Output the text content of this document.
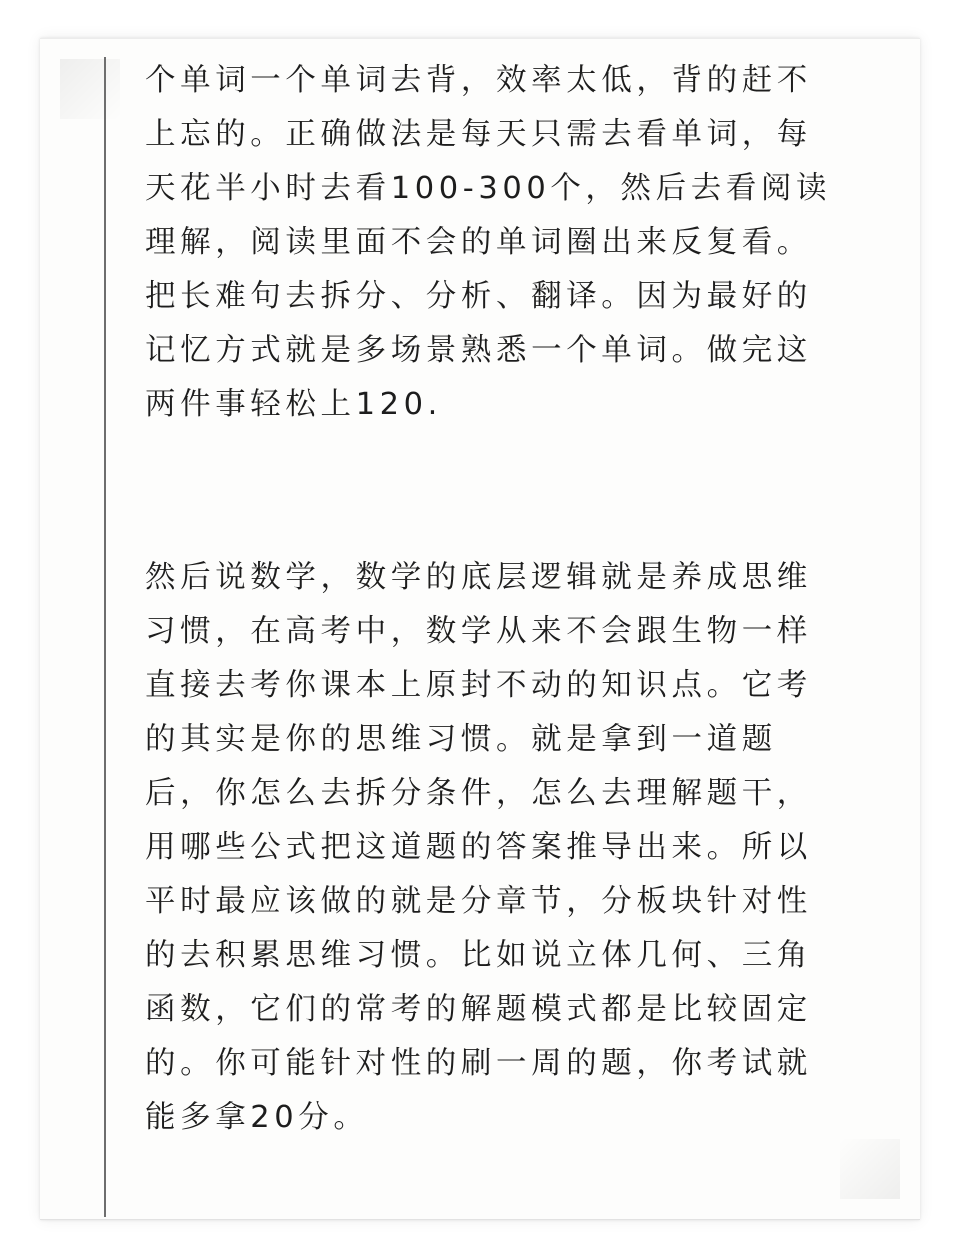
个单词一个单词去背，效率太低，背的赶不
上忘的。正确做法是每天只需去看单词，每
天花半小时去看100-300个，然后去看阅读
理解，阅读里面不会的单词圈出来反复看。
把长难句去拆分、分析、翻译。因为最好的
记忆方式就是多场景熟悉一个单词。做完这
两件事轻松上120.
然后说数学，数学的底层逻辑就是养成思维
习惯，在高考中，数学从来不会跟生物一样
直接去考你课本上原封不动的知识点。它考
的其实是你的思维习惯。就是拿到一道题
后，你怎么去拆分条件，怎么去理解题干，
用哪些公式把这道题的答案推导出来。所以
平时最应该做的就是分章节，分板块针对性
的去积累思维习惯。比如说立体几何、三角
函数，它们的常考的解题模式都是比较固定
的。你可能针对性的刷一周的题，你考试就
能多拿20分。
